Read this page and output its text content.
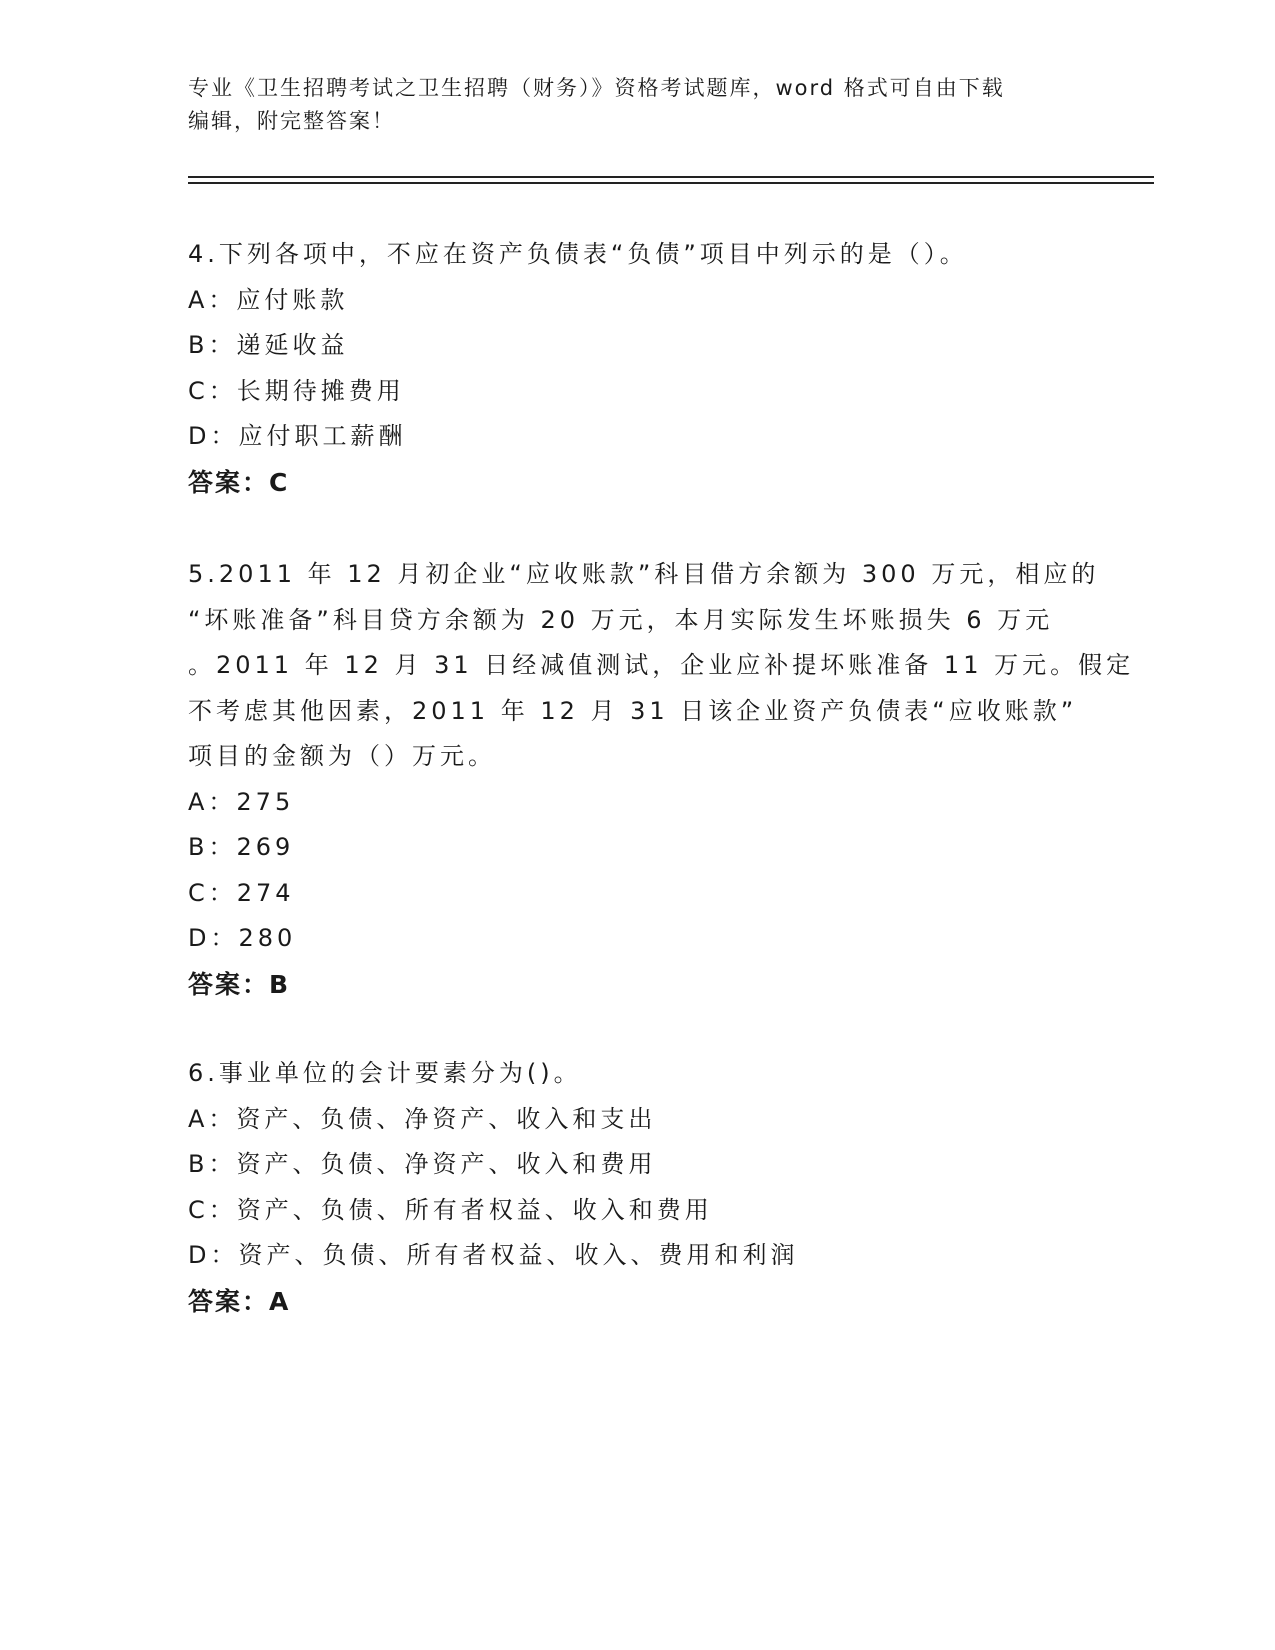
专业《卫生招聘考试之卫生招聘（财务）》资格考试题库，word 格式可自由下载
编辑，附完整答案！
4.下列各项中，不应在资产负债表“负债”项目中列示的是（）。
A：应付账款
B：递延收益
C：长期待摊费用
D：应付职工薪酬
答案：C
5.2011 年 12 月初企业“应收账款”科目借方余额为 300 万元，相应的
“坏账准备”科目贷方余额为 20 万元，本月实际发生坏账损失 6 万元
。2011 年 12 月 31 日经减值测试，企业应补提坏账准备 11 万元。假定
不考虑其他因素，2011 年 12 月 31 日该企业资产负债表“应收账款”
项目的金额为（）万元。
A：275
B：269
C：274
D：280
答案：B
6.事业单位的会计要素分为()。
A：资产、负债、净资产、收入和支出
B：资产、负债、净资产、收入和费用
C：资产、负债、所有者权益、收入和费用
D：资产、负债、所有者权益、收入、费用和利润
答案：A
